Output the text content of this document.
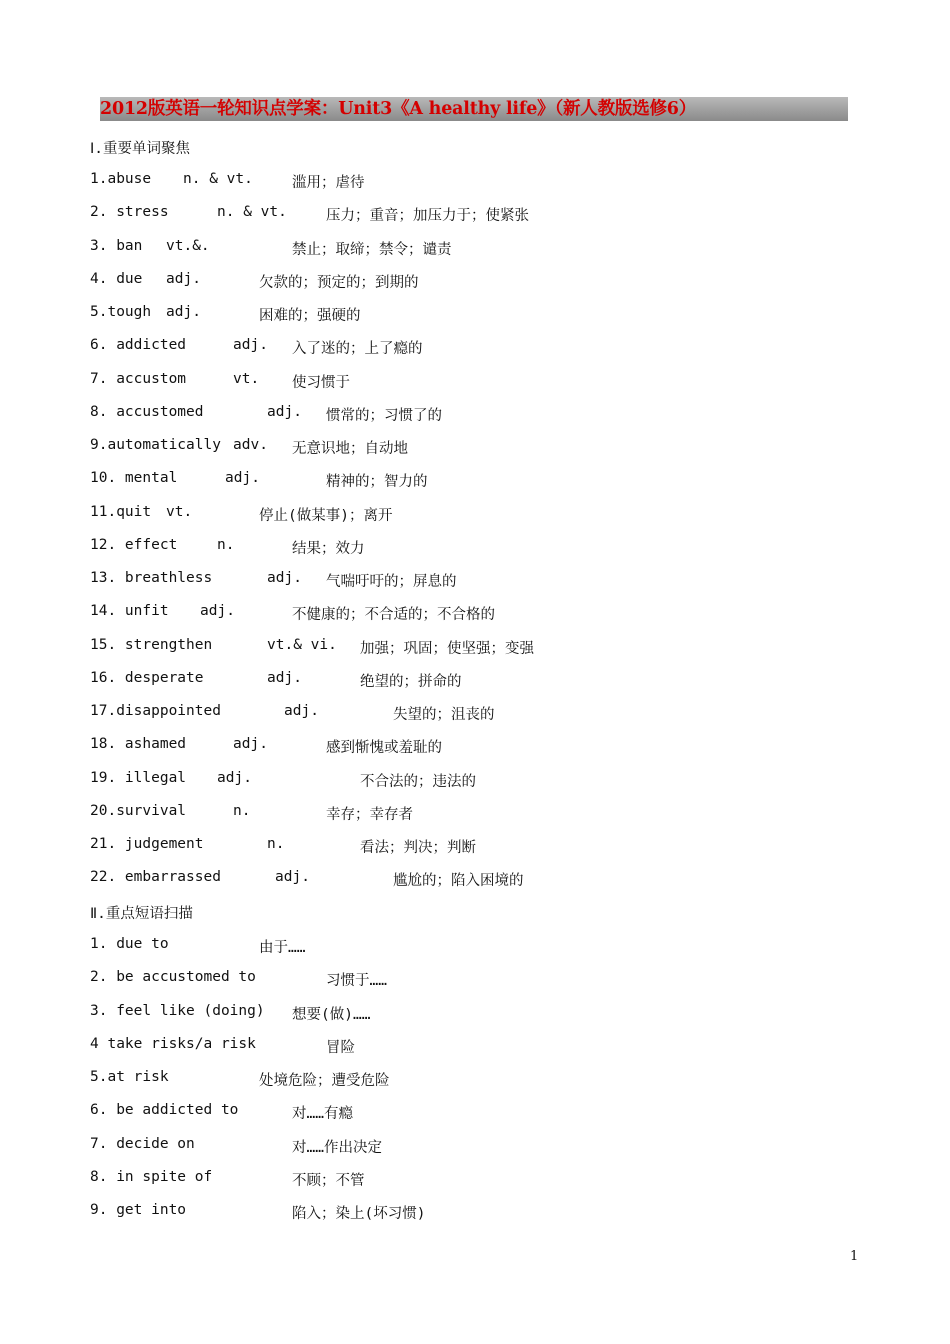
2012版英语一轮知识点学案：Unit3《A healthy life》（新人教版选修6）
Ⅰ.重要单词聚焦
1.abuse n. & vt.	滥用；虐待
2. stress	n. & vt.	压力；重音；加压力于；使紧张
3. ban vt.&.	禁止；取缔；禁令；谴责
4. due adj.	欠款的；预定的；到期的
5.tough adj.	困难的；强硬的
6. addicted	adj. 入了迷的；上了瘾的
7. accustom	vt. 使习惯于
8. accustomed	adj. 惯常的；习惯了的
9.automatically adv. 无意识地；自动地
10. mental	adj.	精神的；智力的
11.quit vt.	停止(做某事)；离开
12. effect	n.	结果；效力
13. breathless	adj. 气喘吁吁的；屏息的
14. unfit adj.	不健康的；不合适的；不合格的
15. strengthen	vt.& vi. 加强；巩固；使坚强；变强
16. desperate	adj.	绝望的；拼命的
17.disappointed	adj.	失望的；沮丧的
18. ashamed	adj.	感到惭愧或羞耻的
19. illegal adj.	不合法的；违法的
20.survival	n.	幸存；幸存者
21. judgement	n.	看法；判决；判断
22. embarrassed	adj.	尴尬的；陷入困境的
Ⅱ.重点短语扫描
1. due to	由于……
2. be accustomed to	习惯于……
3. feel like (doing) 想要(做)……
4 take risks/a risk	冒险
5.at risk	处境危险；遭受危险
6. be addicted to	对……有瘾
7. decide on	对……作出决定
8. in spite of	不顾；不管
9. get into	陷入；染上(坏习惯)
1
